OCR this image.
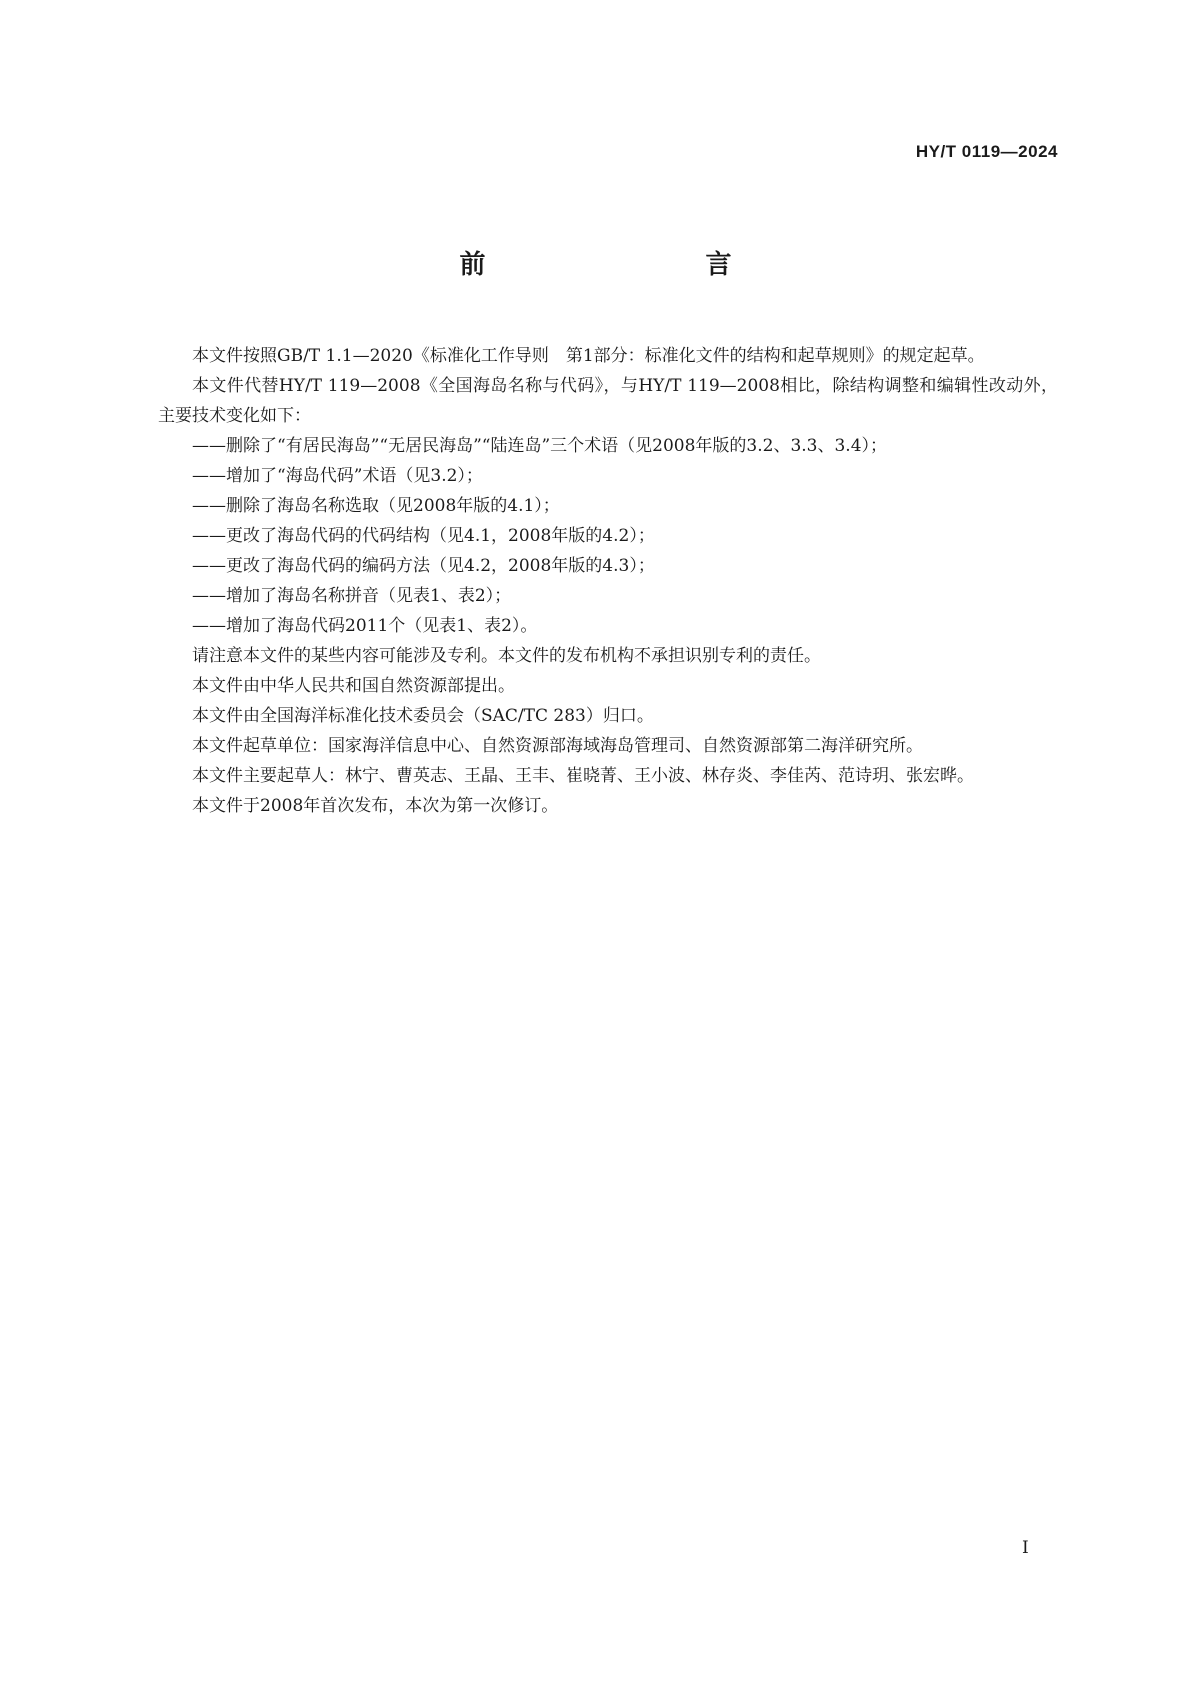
HY/T 0119—2024
前　　言

本文件按照GB/T 1.1—2020《标准化工作导则　第1部分：标准化文件的结构和起草规则》的规定起草。

本文件代替HY/T 119—2008《全国海岛名称与代码》，与HY/T 119—2008相比，除结构调整和编辑性改动外，主要技术变化如下：

——删除了“有居民海岛”“无居民海岛”“陆连岛”三个术语（见2008年版的3.2、3.3、3.4）；

——增加了“海岛代码”术语（见3.2）；

——删除了海岛名称选取（见2008年版的4.1）；

——更改了海岛代码的代码结构（见4.1，2008年版的4.2）；

——更改了海岛代码的编码方法（见4.2，2008年版的4.3）；

——增加了海岛名称拼音（见表1、表2）；

——增加了海岛代码2011个（见表1、表2）。

请注意本文件的某些内容可能涉及专利。本文件的发布机构不承担识别专利的责任。

本文件由中华人民共和国自然资源部提出。

本文件由全国海洋标准化技术委员会（SAC/TC 283）归口。

本文件起草单位：国家海洋信息中心、自然资源部海域海岛管理司、自然资源部第二海洋研究所。

本文件主要起草人：林宁、曹英志、王晶、王丰、崔晓菁、王小波、林存炎、李佳芮、范诗玥、张宏晔。

本文件于2008年首次发布，本次为第一次修订。

I
